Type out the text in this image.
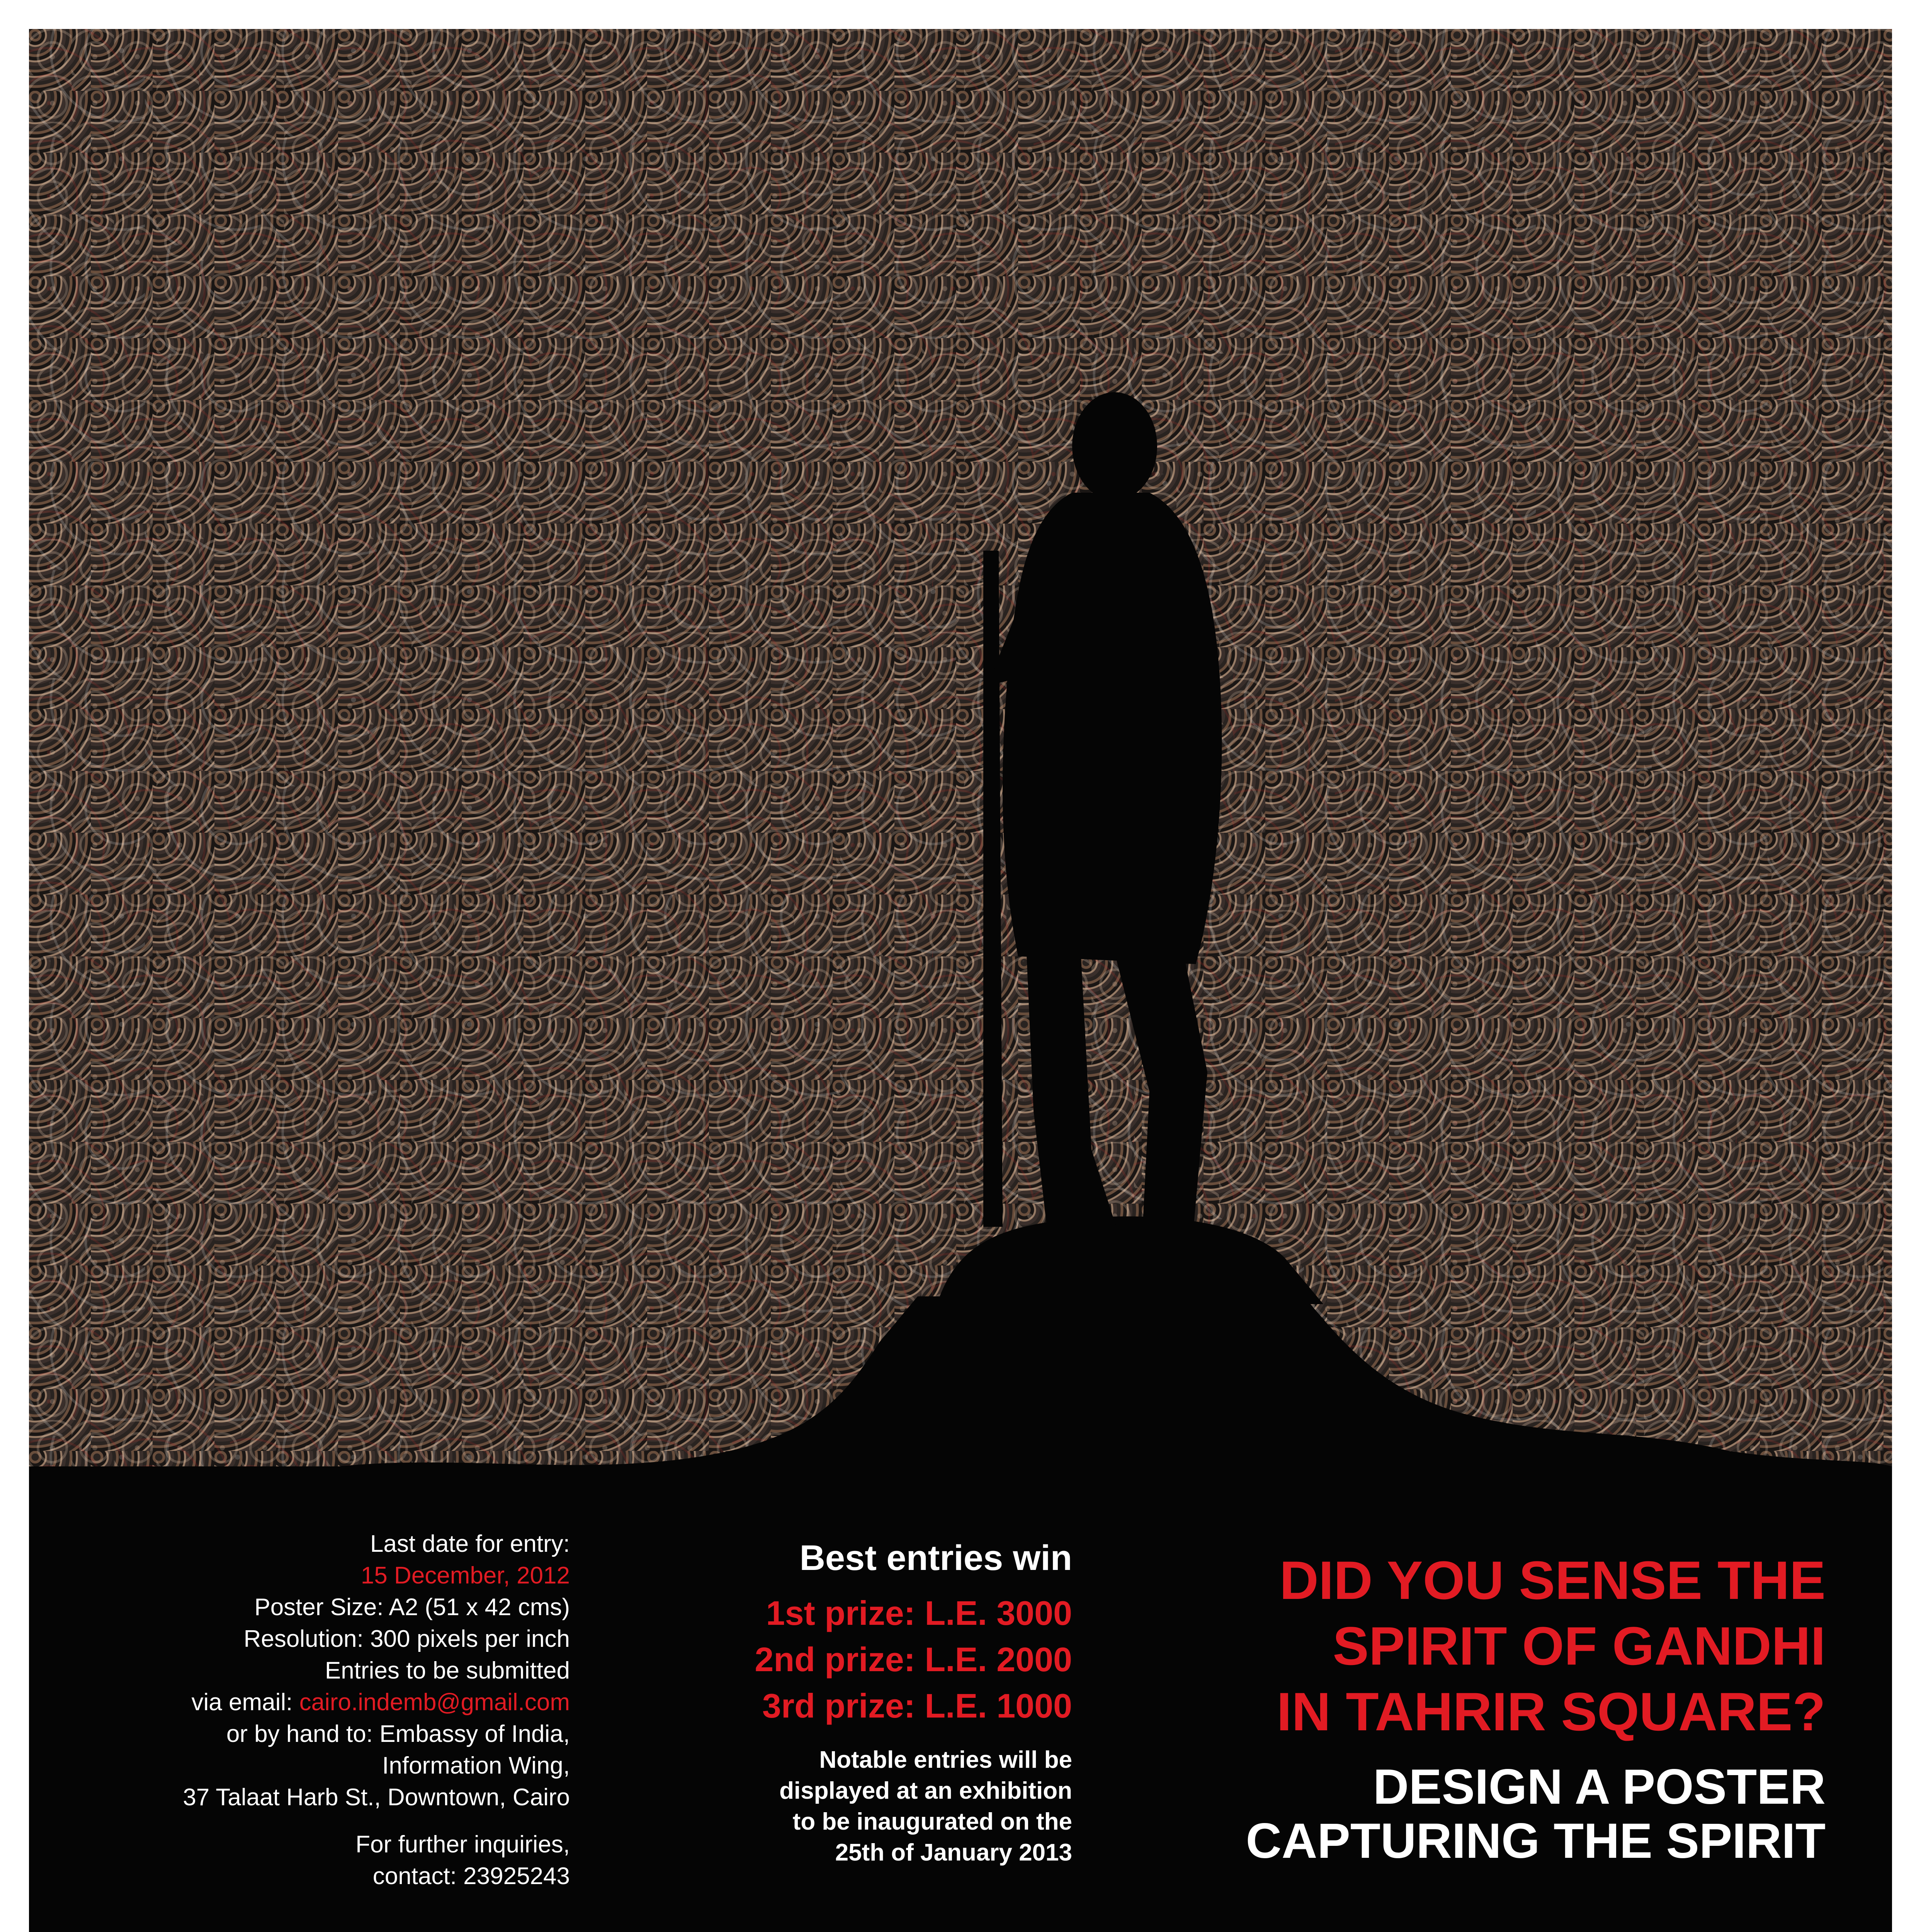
Last date for entry:
15 December, 2012
Poster Size: A2 (51 x 42 cms)
Resolution: 300 pixels per inch
Entries to be submitted
via email: cairo.indemb@gmail.com
or by hand to: Embassy of India,
Information Wing,
37 Talaat Harb St., Downtown, Cairo
For further inquiries,
contact: 23925243
Best entries win
1st prize: L.E. 3000
2nd prize: L.E. 2000
3rd prize: L.E. 1000
Notable entries will be
displayed at an exhibition
to be inaugurated on the
25th of January 2013
DID YOU SENSE THE
SPIRIT OF GANDHI
IN TAHRIR SQUARE?
DESIGN A POSTER
CAPTURING THE SPIRIT
